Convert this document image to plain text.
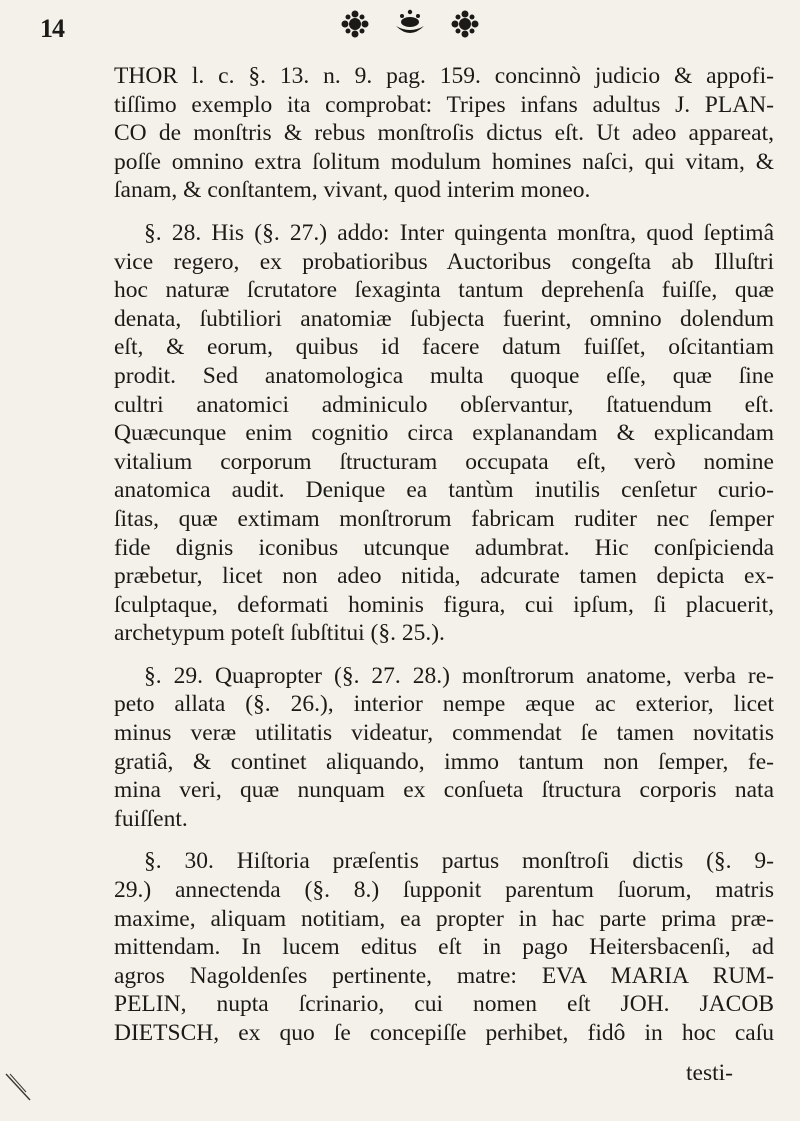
14
THOR l. c. §. 13. n. 9. pag. 159. concinnò judicio & appofi-
tiſſimo exemplo ita comprobat: Tripes infans adultus J. PLAN-
CO de monſtris & rebus monſtroſis dictus eſt. Ut adeo appareat,
poſſe omnino extra ſolitum modulum homines naſci, qui vitam, &
ſanam, & conſtantem, vivant, quod interim moneo.
§. 28. His (§. 27.) addo: Inter quingenta monſtra, quod ſeptimâ
vice regero, ex probatioribus Auctoribus congeſta ab Illuſtri
hoc naturæ ſcrutatore ſexaginta tantum deprehenſa fuiſſe, quæ
denata, ſubtiliori anatomiæ ſubjecta fuerint, omnino dolendum
eſt, & eorum, quibus id facere datum fuiſſet, oſcitantiam
prodit. Sed anatomologica multa quoque eſſe, quæ ſine
cultri anatomici adminiculo obſervantur, ſtatuendum eſt.
Quæcunque enim cognitio circa explanandam & explicandam
vitalium corporum ſtructuram occupata eſt, verò nomine
anatomica audit. Denique ea tantùm inutilis cenſetur curio-
ſitas, quæ extimam monſtrorum fabricam ruditer nec ſemper
fide dignis iconibus utcunque adumbrat. Hic conſpicienda
præbetur, licet non adeo nitida, adcurate tamen depicta ex-
ſculptaque, deformati hominis figura, cui ipſum, ſi placuerit,
archetypum poteſt ſubſtitui (§. 25.).
§. 29. Quapropter (§. 27. 28.) monſtrorum anatome, verba re-
peto allata (§. 26.), interior nempe æque ac exterior, licet
minus veræ utilitatis videatur, commendat ſe tamen novitatis
gratiâ, & continet aliquando, immo tantum non ſemper, fe-
mina veri, quæ nunquam ex conſueta ſtructura corporis nata
fuiſſent.
§. 30. Hiſtoria præſentis partus monſtroſi dictis (§. 9-
29.) annectenda (§. 8.) ſupponit parentum ſuorum, matris
maxime, aliquam notitiam, ea propter in hac parte prima præ-
mittendam. In lucem editus eſt in pago Heitersbacenſi, ad
agros Nagoldenſes pertinente, matre: EVA MARIA RUM-
PELIN, nupta ſcrinario, cui nomen eſt JOH. JACOB
DIETSCH, ex quo ſe concepiſſe perhibet, fidô in hoc caſu
testi-
